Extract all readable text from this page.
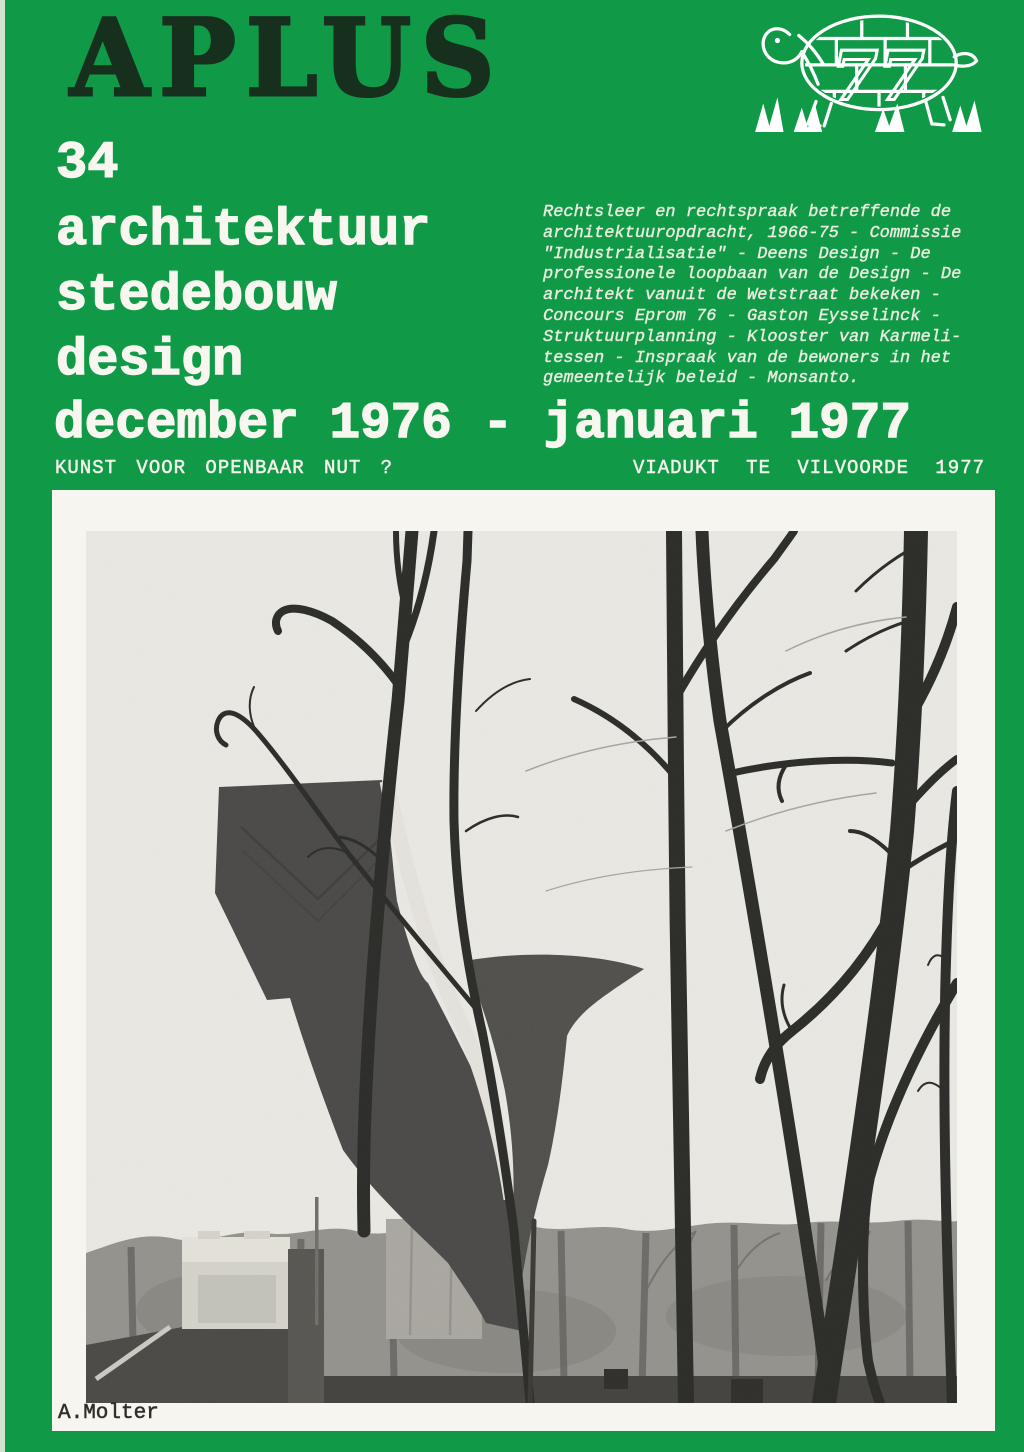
APLUS	77
34
architektuur
stedebouw
design
Rechtsleer en rechtspraak betreffende de
architektuuropdracht, 1966-75 - Commissie
"Industrialisatie" - Deens Design - De
professionele loopbaan van de Design - De
architekt vanuit de Wetstraat bekeken -
Concours Eprom 76 - Gaston Eysselinck -
Struktuurplanning - Klooster van Karmeli-
tessen - Inspraak van de bewoners in het
gemeentelijk beleid - Monsanto.
december 1976 - januari 1977
KUNST VOOR OPENBAAR NUT ?	VIADUKT TE VILVOORDE 1977
A.Molter
